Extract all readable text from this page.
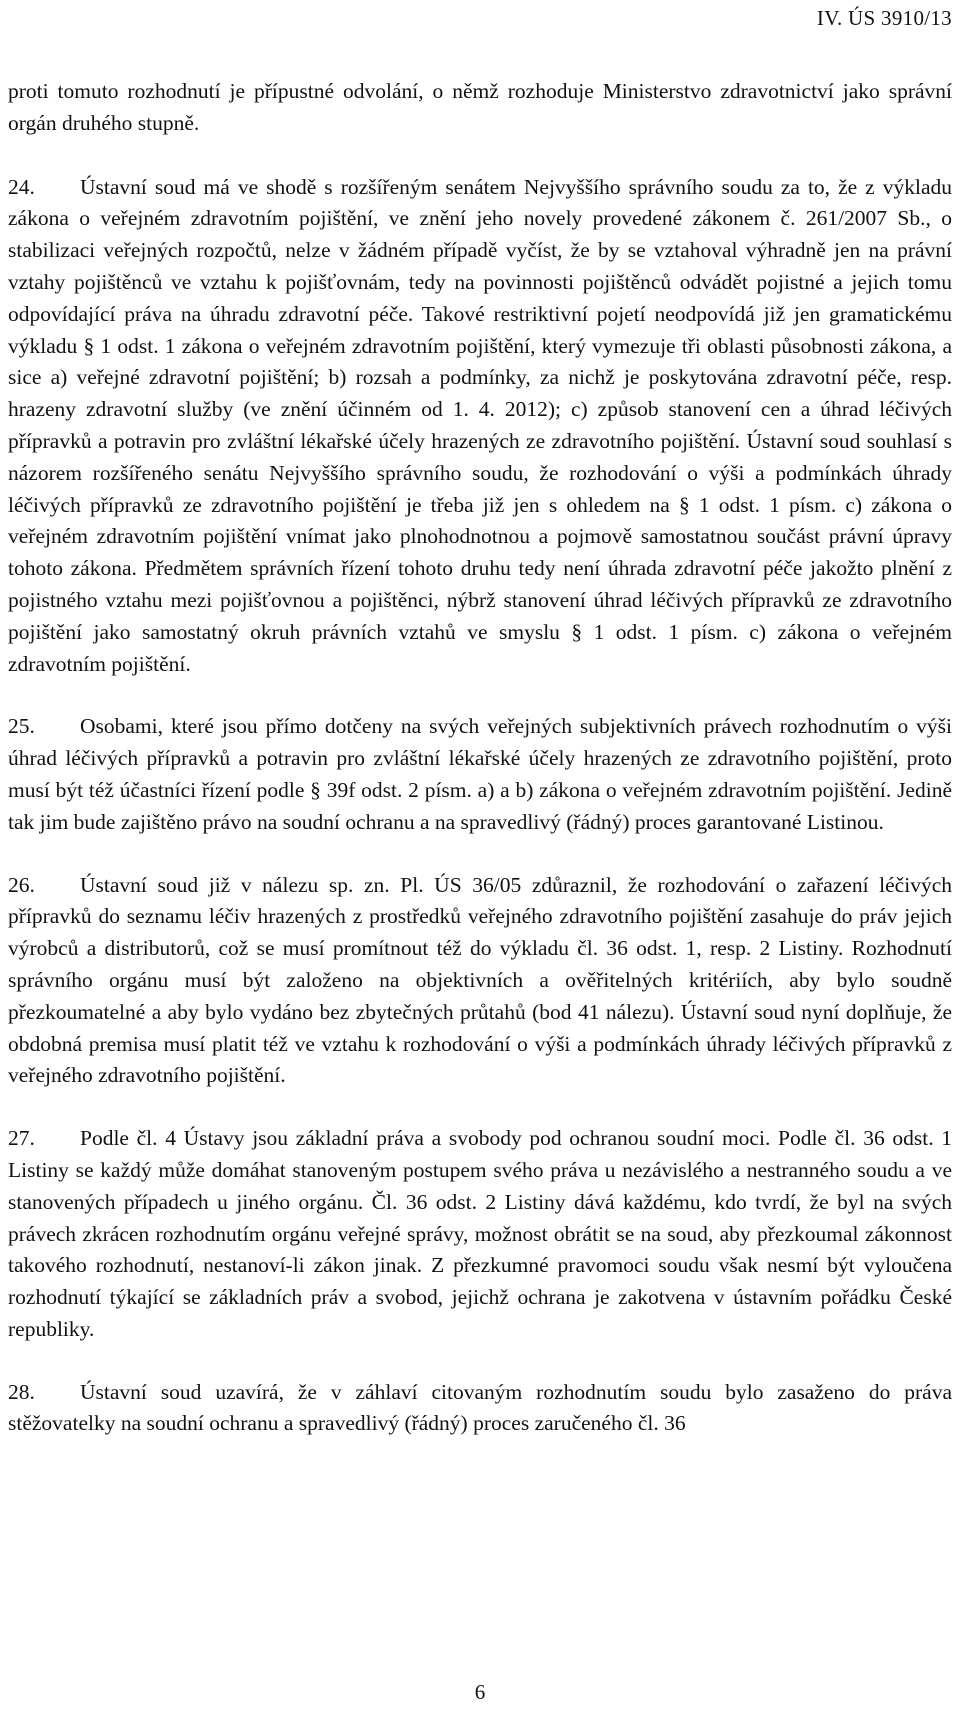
IV. ÚS 3910/13

proti tomuto rozhodnutí je přípustné odvolání, o němž rozhoduje Ministerstvo zdravotnictví jako správní orgán druhého stupně.

24. Ústavní soud má ve shodě s rozšířeným senátem Nejvyššího správního soudu za to, že z výkladu zákona o veřejném zdravotním pojištění, ve znění jeho novely provedené zákonem č. 261/2007 Sb., o stabilizaci veřejných rozpočtů, nelze v žádném případě vyčíst, že by se vztahoval výhradně jen na právní vztahy pojištěnců ve vztahu k pojišťovnám, tedy na povinnosti pojištěnců odvádět pojistné a jejich tomu odpovídající práva na úhradu zdravotní péče. Takové restriktivní pojetí neodpovídá již jen gramatickému výkladu § 1 odst. 1 zákona o veřejném zdravotním pojištění, který vymezuje tři oblasti působnosti zákona, a sice a) veřejné zdravotní pojištění; b) rozsah a podmínky, za nichž je poskytována zdravotní péče, resp. hrazeny zdravotní služby (ve znění účinném od 1. 4. 2012); c) způsob stanovení cen a úhrad léčivých přípravků a potravin pro zvláštní lékařské účely hrazených ze zdravotního pojištění. Ústavní soud souhlasí s názorem rozšířeného senátu Nejvyššího správního soudu, že rozhodování o výši a podmínkách úhrady léčivých přípravků ze zdravotního pojištění je třeba již jen s ohledem na § 1 odst. 1 písm. c) zákona o veřejném zdravotním pojištění vnímat jako plnohodnotnou a pojmově samostatnou součást právní úpravy tohoto zákona. Předmětem správních řízení tohoto druhu tedy není úhrada zdravotní péče jakožto plnění z pojistného vztahu mezi pojišťovnou a pojištěnci, nýbrž stanovení úhrad léčivých přípravků ze zdravotního pojištění jako samostatný okruh právních vztahů ve smyslu § 1 odst. 1 písm. c) zákona o veřejném zdravotním pojištění.

25. Osobami, které jsou přímo dotčeny na svých veřejných subjektivních právech rozhodnutím o výši úhrad léčivých přípravků a potravin pro zvláštní lékařské účely hrazených ze zdravotního pojištění, proto musí být též účastníci řízení podle § 39f odst. 2 písm. a) a b) zákona o veřejném zdravotním pojištění. Jedině tak jim bude zajištěno právo na soudní ochranu a na spravedlivý (řádný) proces garantované Listinou.

26. Ústavní soud již v nálezu sp. zn. Pl. ÚS 36/05 zdůraznil, že rozhodování o zařazení léčivých přípravků do seznamu léčiv hrazených z prostředků veřejného zdravotního pojištění zasahuje do práv jejich výrobců a distributorů, což se musí promítnout též do výkladu čl. 36 odst. 1, resp. 2 Listiny. Rozhodnutí správního orgánu musí být založeno na objektivních a ověřitelných kritériích, aby bylo soudně přezkoumatelné a aby bylo vydáno bez zbytečných průtahů (bod 41 nálezu). Ústavní soud nyní doplňuje, že obdobná premisa musí platit též ve vztahu k rozhodování o výši a podmínkách úhrady léčivých přípravků z veřejného zdravotního pojištění.

27. Podle čl. 4 Ústavy jsou základní práva a svobody pod ochranou soudní moci. Podle čl. 36 odst. 1 Listiny se každý může domáhat stanoveným postupem svého práva u nezávislého a nestranného soudu a ve stanovených případech u jiného orgánu. Čl. 36 odst. 2 Listiny dává každému, kdo tvrdí, že byl na svých právech zkrácen rozhodnutím orgánu veřejné správy, možnost obrátit se na soud, aby přezkoumal zákonnost takového rozhodnutí, nestanoví-li zákon jinak. Z přezkumné pravomoci soudu však nesmí být vyloučena rozhodnutí týkající se základních práv a svobod, jejichž ochrana je zakotvena v ústavním pořádku České republiky.

28. Ústavní soud uzavírá, že v záhlaví citovaným rozhodnutím soudu bylo zasaženo do práva stěžovatelky na soudní ochranu a spravedlivý (řádný) proces zaručeného čl. 36

6
